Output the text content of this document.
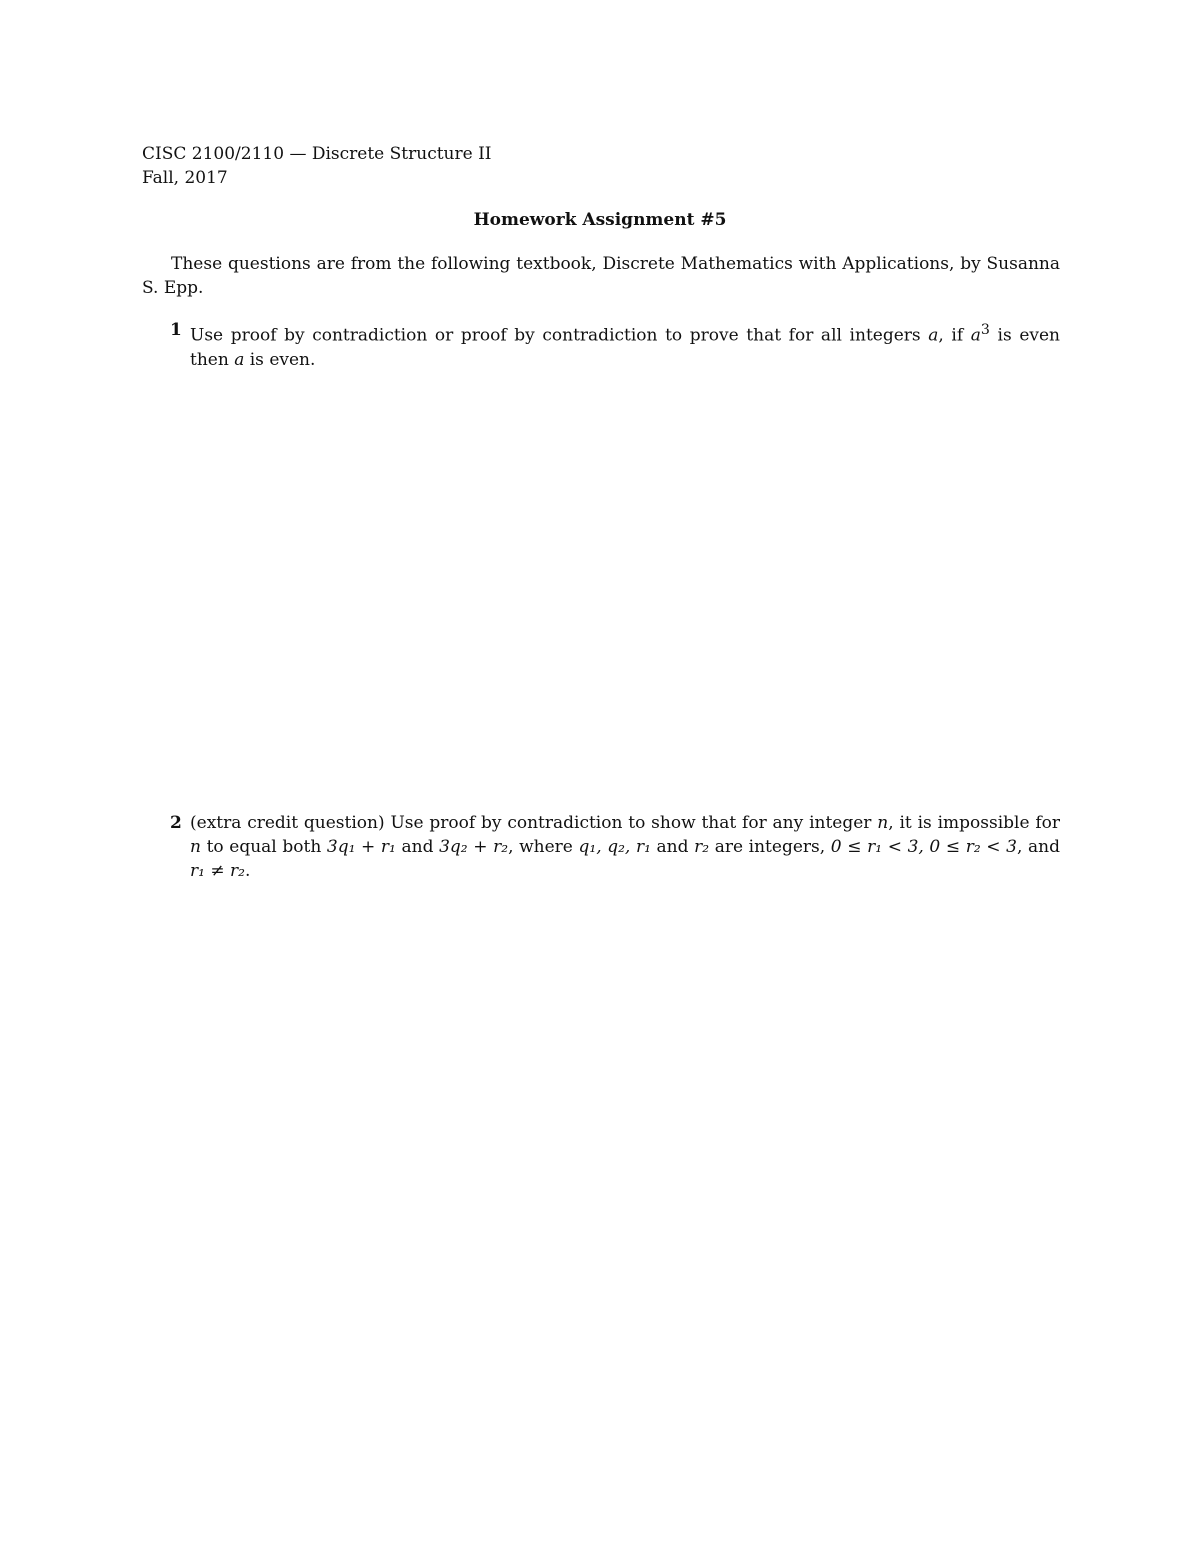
CISC 2100/2110 — Discrete Structure II
Fall, 2017
Homework Assignment #5
These questions are from the following textbook, Discrete Mathematics with Applications, by Susanna S. Epp.
1 Use proof by contradiction or proof by contradiction to prove that for all integers a, if $a^3$ is even then a is even.
2 (extra credit question) Use proof by contradiction to show that for any integer n, it is impossible for n to equal both 3q₁ + r₁ and 3q₂ + r₂, where q₁, q₂, r₁ and r₂ are integers, 0 ≤ r₁ < 3, 0 ≤ r₂ < 3, and r₁ ≠ r₂.
